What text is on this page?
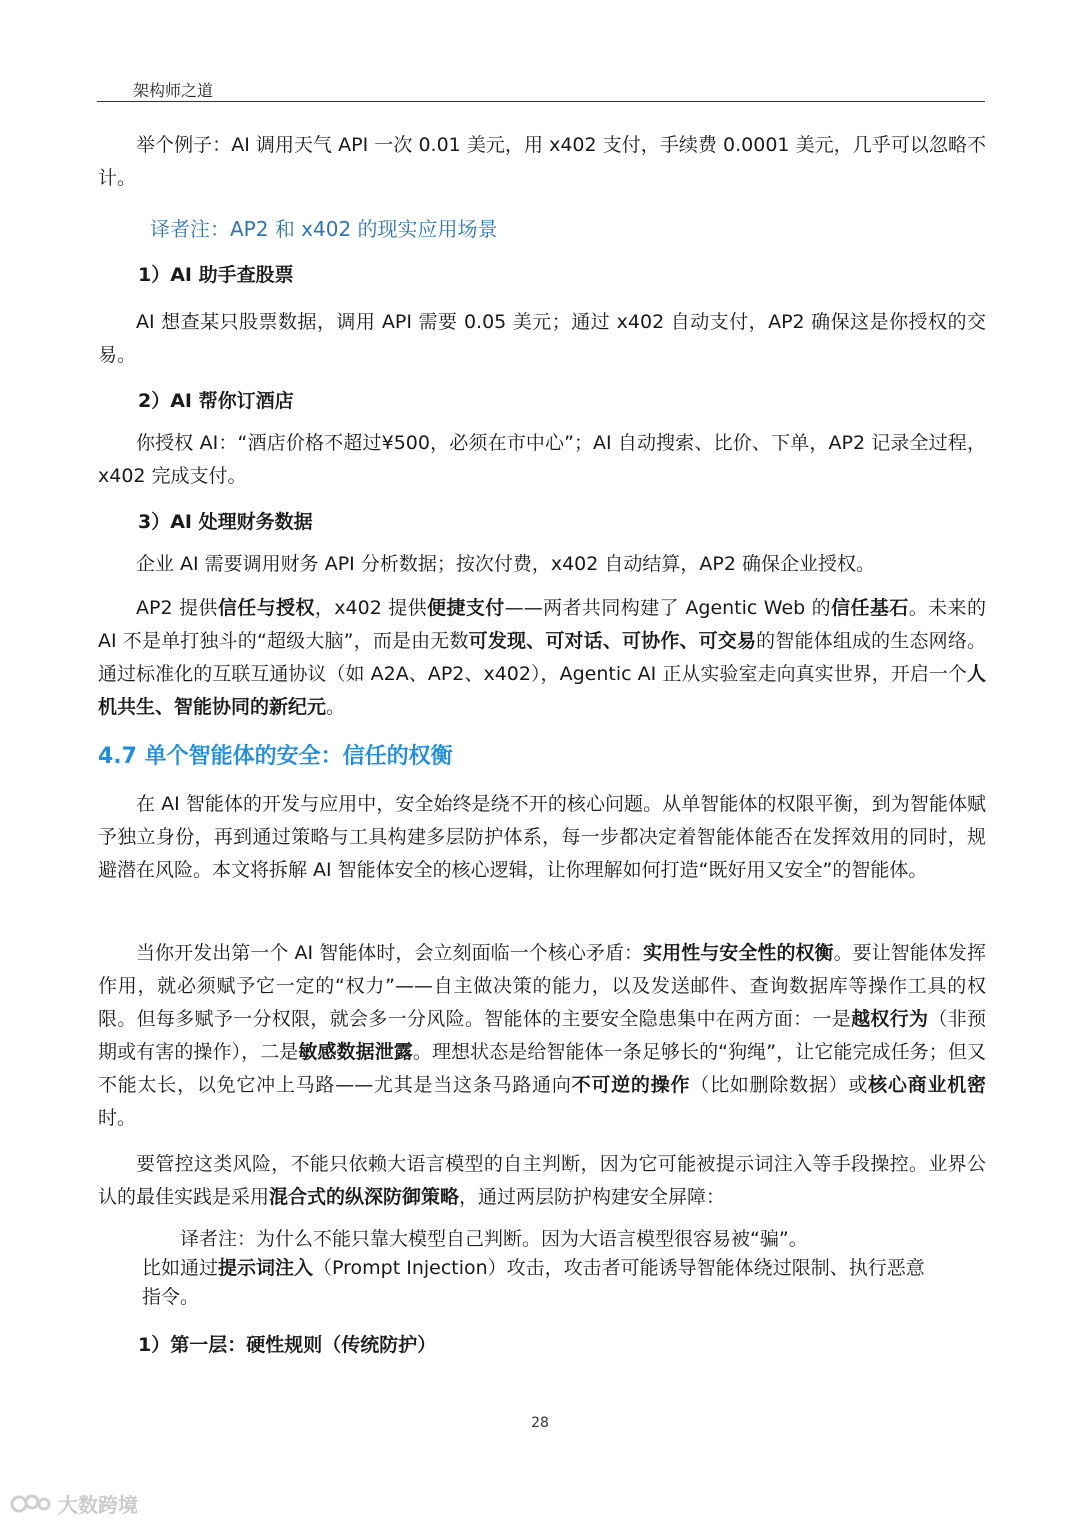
架构师之道

举个例子：AI 调用天气 API 一次 0.01 美元，用 x402 支付，手续费 0.0001 美元，几乎可以忽略不计。

译者注：AP2 和 x402 的现实应用场景
1）AI 助手查股票

AI 想查某只股票数据，调用 API 需要 0.05 美元；通过 x402 自动支付，AP2 确保这是你授权的交易。

2）AI 帮你订酒店

你授权 AI：“酒店价格不超过¥500，必须在市中心”；AI 自动搜索、比价、下单，AP2 记录全过程，x402 完成支付。

3）AI 处理财务数据

企业 AI 需要调用财务 API 分析数据；按次付费，x402 自动结算，AP2 确保企业授权。

AP2 提供信任与授权，x402 提供便捷支付——两者共同构建了 Agentic Web 的信任基石。未来的 AI 不是单打独斗的“超级大脑”，而是由无数可发现、可对话、可协作、可交易的智能体组成的生态网络。通过标准化的互联互通协议（如 A2A、AP2、x402），Agentic AI 正从实验室走向真实世界，开启一个人机共生、智能协同的新纪元。

4.7 单个智能体的安全：信任的权衡

在 AI 智能体的开发与应用中，安全始终是绕不开的核心问题。从单智能体的权限平衡，到为智能体赋予独立身份，再到通过策略与工具构建多层防护体系，每一步都决定着智能体能否在发挥效用的同时，规避潜在风险。本文将拆解 AI 智能体安全的核心逻辑，让你理解如何打造“既好用又安全”的智能体。

当你开发出第一个 AI 智能体时，会立刻面临一个核心矛盾：实用性与安全性的权衡。要让智能体发挥作用，就必须赋予它一定的“权力”——自主做决策的能力，以及发送邮件、查询数据库等操作工具的权限。但每多赋予一分权限，就会多一分风险。智能体的主要安全隐患集中在两方面：一是越权行为（非预期或有害的操作），二是敏感数据泄露。理想状态是给智能体一条足够长的“狗绳”，让它能完成任务；但又不能太长，以免它冲上马路——尤其是当这条马路通向不可逆的操作（比如删除数据）或核心商业机密时。

要管控这类风险，不能只依赖大语言模型的自主判断，因为它可能被提示词注入等手段操控。业界公认的最佳实践是采用混合式的纵深防御策略，通过两层防护构建安全屏障：

译者注：为什么不能只靠大模型自己判断。因为大语言模型很容易被“骗”。
比如通过提示词注入（Prompt Injection）攻击，攻击者可能诱导智能体绕过限制、执行恶意指令。
1）第一层：硬性规则（传统防护）
28
大数跨境
